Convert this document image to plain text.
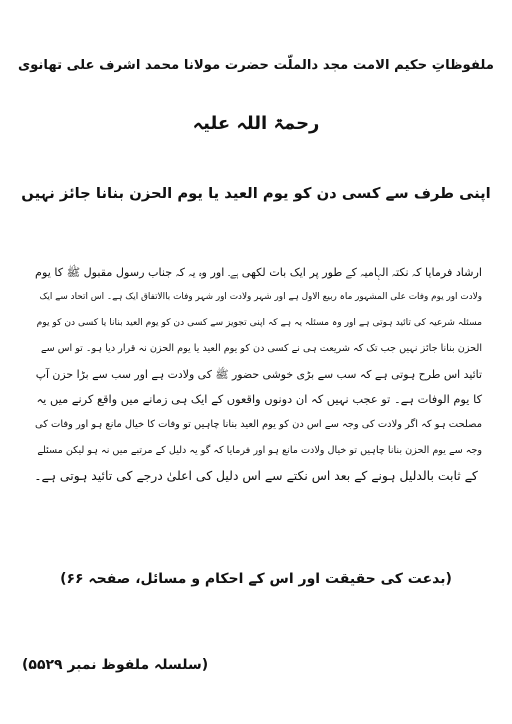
ملفوظاتِ حکیم الامت مجد دالملّت حضرت مولانا محمد اشرف علی تھانوی
رحمۃ اللہ علیہ
اپنی طرف سے کسی دن کو یوم العید یا یوم الحزن بنانا جائز نہیں
ارشاد فرمایا کہ نکتہ الہامیہ کے طور پر ایک بات لکھی ہے۔ اور وہ یہ کہ جناب رسول مقبول ﷺ کا یوم
ولادت اور یوم وفات علی المشہور ماہ ربیع الاول ہے اور شہر ولادت اور شہر وفات باالاتفاق ایک ہے۔ اس اتحاد سے ایک
مسئلہ شرعیہ کی تائید ہوتی ہے اور وہ مسئلہ یہ ہے کہ اپنی تجویز سے کسی دن کو یوم العید بنانا یا کسی دن کو یوم
الحزن بنانا جائز نہیں جب تک کہ شریعت ہی نے کسی دن کو یوم العید یا یوم الحزن نہ قرار دیا ہو۔ تو اس سے
تائید اس طرح ہوتی ہے کہ سب سے بڑی خوشی حضور ﷺ کی ولادت ہے اور سب سے بڑا حزن آپ
کا یوم الوفات ہے۔ تو عجب نہیں کہ ان دونوں واقعوں کے ایک ہی زمانے میں واقع کرنے میں یہ
مصلحت ہو کہ اگر ولادت کی وجہ سے اس دن کو یوم العید بنانا چاہیں تو وفات کا خیال مانع ہو اور وفات کی
وجہ سے یوم الحزن بنانا چاہیں تو خیال ولادت مانع ہو اور فرمایا کہ گو یہ دلیل کے مرتبے میں نہ ہو لیکن مسئلے
کے ثابت بالدلیل ہونے کے بعد اس نکتے سے اس دلیل کی اعلیٰ درجے کی تائید ہوتی ہے۔
(بدعت کی حقیقت اور اس کے احکام و مسائل، صفحہ ۶۶)
(سلسلہ ملفوظ نمبر ۵۵۲۹)
